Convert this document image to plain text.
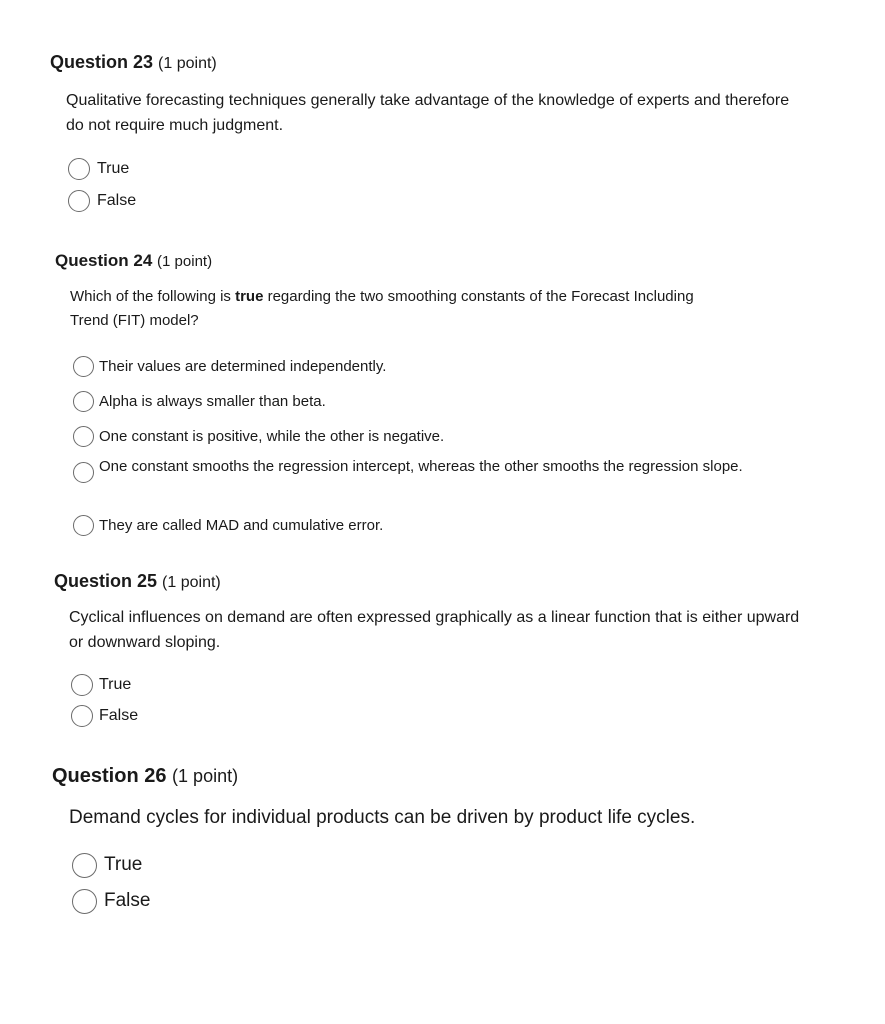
Question 23 (1 point)

Qualitative forecasting techniques generally take advantage of the knowledge of experts and therefore do not require much judgment.

True
False
Question 24 (1 point)

Which of the following is true regarding the two smoothing constants of the Forecast Including Trend (FIT) model?

Their values are determined independently.
Alpha is always smaller than beta.
One constant is positive, while the other is negative.
One constant smooths the regression intercept, whereas the other smooths the regression slope.
They are called MAD and cumulative error.
Question 25 (1 point)

Cyclical influences on demand are often expressed graphically as a linear function that is either upward or downward sloping.

True
False
Question 26 (1 point)

Demand cycles for individual products can be driven by product life cycles.

True
False
